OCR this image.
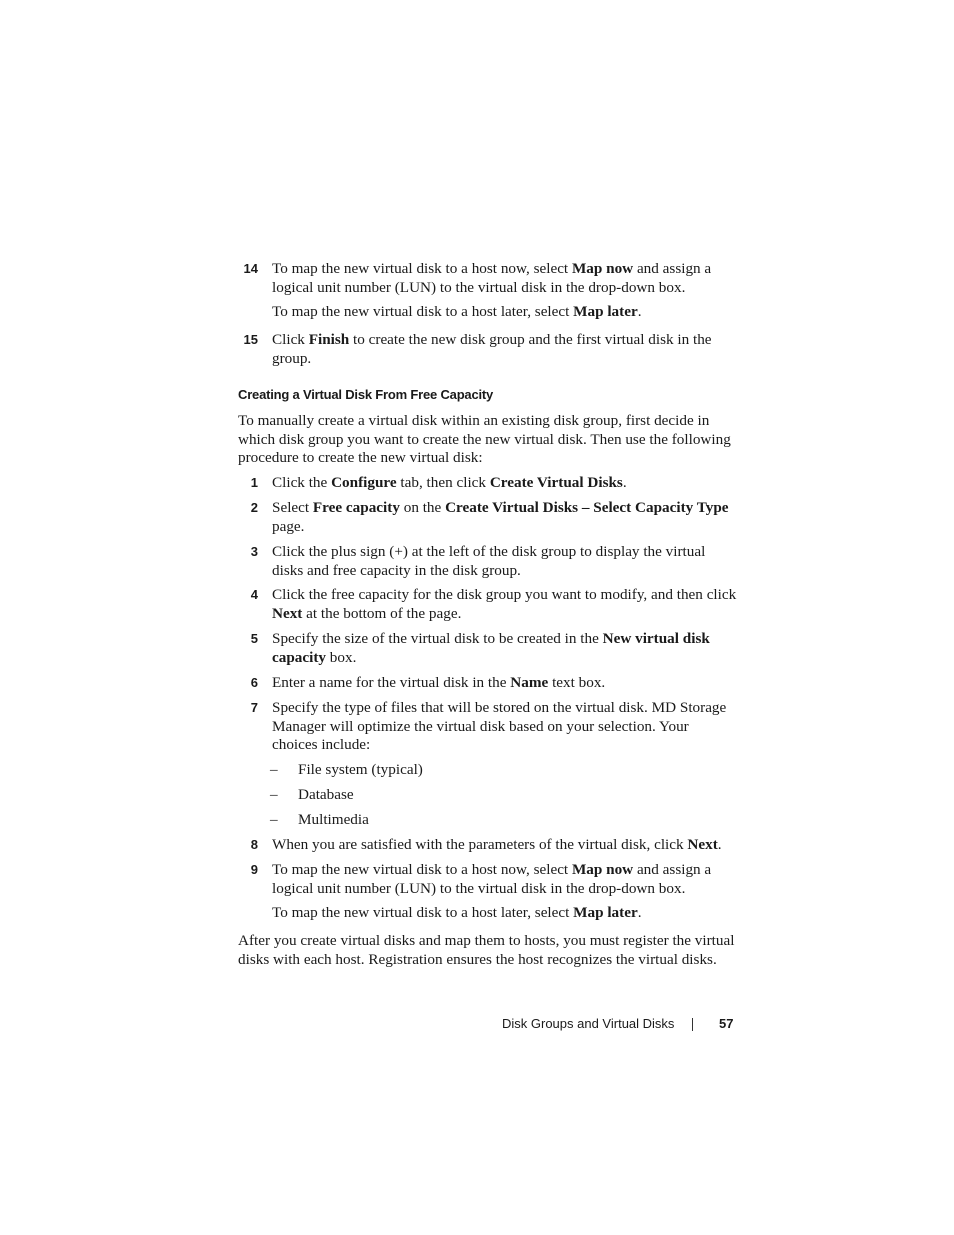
14 To map the new virtual disk to a host now, select Map now and assign a logical unit number (LUN) to the virtual disk in the drop-down box.
To map the new virtual disk to a host later, select Map later.
15 Click Finish to create the new disk group and the first virtual disk in the group.
Creating a Virtual Disk From Free Capacity
To manually create a virtual disk within an existing disk group, first decide in which disk group you want to create the new virtual disk. Then use the following procedure to create the new virtual disk:
1 Click the Configure tab, then click Create Virtual Disks.
2 Select Free capacity on the Create Virtual Disks – Select Capacity Type page.
3 Click the plus sign (+) at the left of the disk group to display the virtual disks and free capacity in the disk group.
4 Click the free capacity for the disk group you want to modify, and then click Next at the bottom of the page.
5 Specify the size of the virtual disk to be created in the New virtual disk capacity box.
6 Enter a name for the virtual disk in the Name text box.
7 Specify the type of files that will be stored on the virtual disk. MD Storage Manager will optimize the virtual disk based on your selection. Your choices include:
– File system (typical)
– Database
– Multimedia
8 When you are satisfied with the parameters of the virtual disk, click Next.
9 To map the new virtual disk to a host now, select Map now and assign a logical unit number (LUN) to the virtual disk in the drop-down box.
To map the new virtual disk to a host later, select Map later.
After you create virtual disks and map them to hosts, you must register the virtual disks with each host. Registration ensures the host recognizes the virtual disks.
Disk Groups and Virtual Disks	57
